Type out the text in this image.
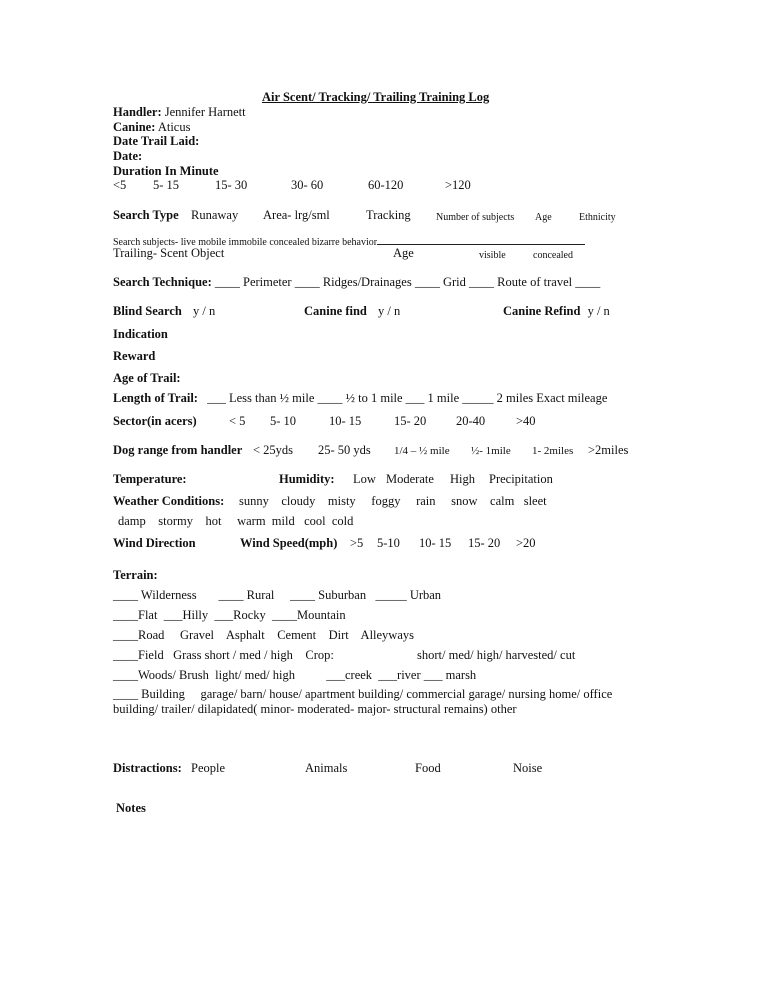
Air Scent/ Tracking/ Trailing Training Log
Handler: Jennifer Harnett
Canine: Aticus
Date Trail Laid:
Date:
Duration In Minute
<5 5- 15	15- 30	30- 60	60-120	>120
Search Type Runaway Area- lrg/sml	Tracking	Number of subjects Age	Ethnicity
Search subjects- live mobile immobile concealed bizarre behavior
Trailing- Scent Object	Age	visible	concealed
Search Technique: ____ Perimeter ____ Ridges/Drainages ____ Grid ____ Route of travel ____
Blind Search y / n	Canine find y / n	Canine Refind y / n
Indication
Reward
Age of Trail:
Length of Trail: ___ Less than ½ mile ____ ½ to 1 mile ___ 1 mile _____ 2 miles Exact mileage
Sector(in acers)	< 5 5- 10	10- 15	15- 20 20-40 >40
Dog range from handler < 25yds 25- 50 yds 1/4 – ½ mile ½- 1mile 1- 2miles >2miles
Temperature:	Humidity: Low Moderate High Precipitation
Weather Conditions: sunny    cloudy    misty     foggy     rain     snow    calm   sleet
damp    stormy    hot     warm  mild   cool  cold
Wind Direction	Wind Speed(mph) >5 5-10 10- 15 15- 20 >20
Terrain:
____ Wilderness       ____ Rural     ____ Suburban   _____ Urban
____Flat  ___Hilly  ___Rocky  ____Mountain
____Road     Gravel    Asphalt    Cement    Dirt    Alleyways
____Field   Grass short / med / high    Crop:	short/ med/ high/ harvested/ cut
____Woods/ Brush  light/ med/ high          ___creek  ___river ___ marsh
____ Building     garage/ barn/ house/ apartment building/ commercial garage/ nursing home/ office
building/ trailer/ dilapidated( minor- moderated- major- structural remains) other
Distractions: People	Animals	Food	Noise
Notes
